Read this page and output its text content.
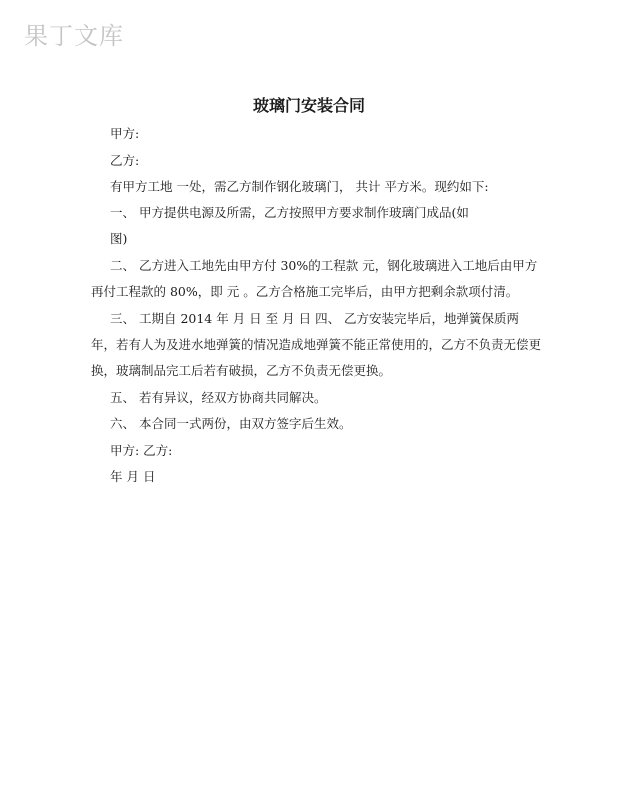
果丁文库
玻璃门安装合同
甲方:
乙方:
有甲方工地 一处，需乙方制作钢化玻璃门， 共计 平方米。现约如下:
一、 甲方提供电源及所需，乙方按照甲方要求制作玻璃门成品(如
图)
二、 乙方进入工地先由甲方付 30%的工程款 元，钢化玻璃进入工地后由甲方
再付工程款的 80%，即 元 。乙方合格施工完毕后，由甲方把剩余款项付清。
三、 工期自 2014 年 月 日 至 月 日 四、 乙方安装完毕后，地弹簧保质两
年，若有人为及进水地弹簧的情况造成地弹簧不能正常使用的，乙方不负责无偿更
换，玻璃制品完工后若有破损，乙方不负责无偿更换。
五、 若有异议，经双方协商共同解决。
六、 本合同一式两份，由双方签字后生效。
甲方: 乙方:
年 月 日
